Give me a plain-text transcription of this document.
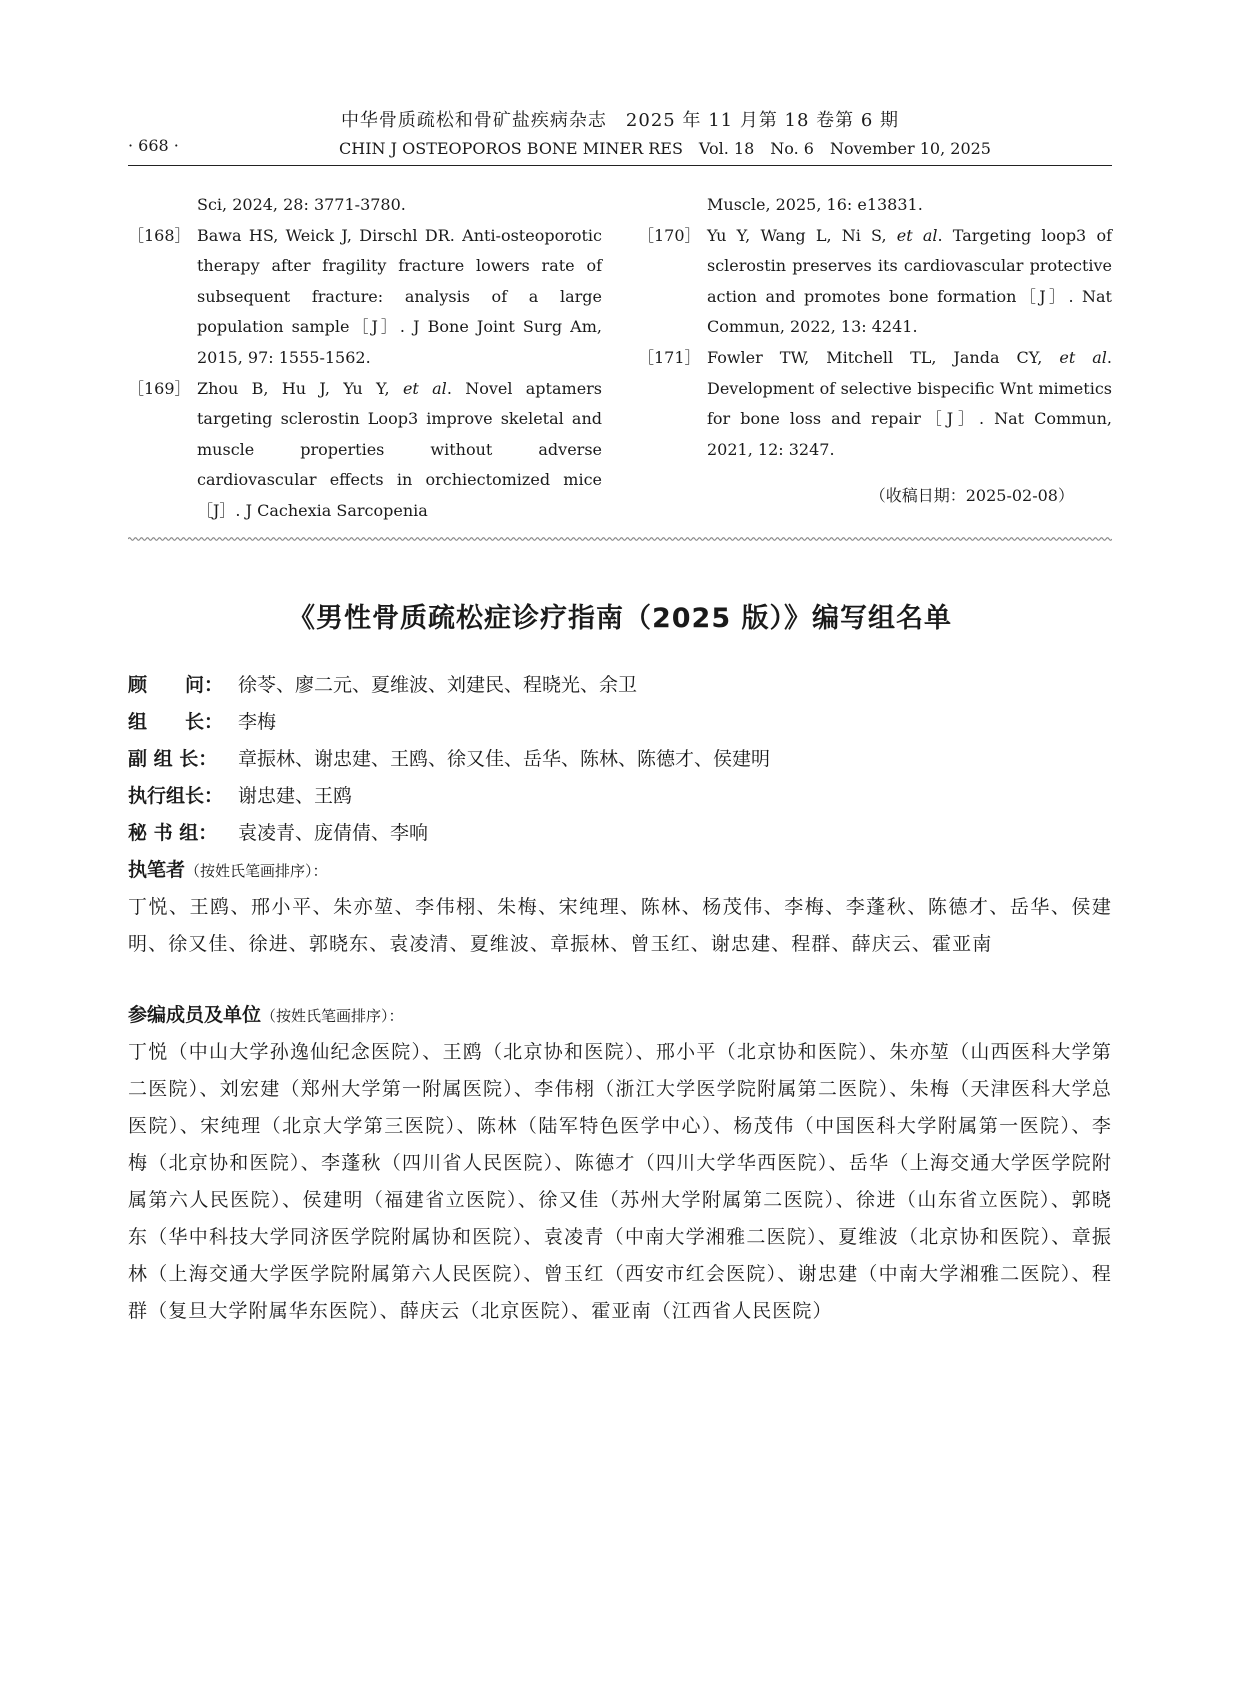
中华骨质疏松和骨矿盐疾病杂志　2025 年 11 月第 18 卷第 6 期
· 668 ·	CHIN J OSTEOPOROS BONE MINER RES　Vol. 18　No. 6　November 10, 2025
Sci, 2024, 28: 3771-3780.
［168］ Bawa HS, Weick J, Dirschl DR. Anti-osteoporotic therapy after fragility fracture lowers rate of subsequent fracture: analysis of a large population sample［J］. J Bone Joint Surg Am, 2015, 97: 1555-1562.
［169］ Zhou B, Hu J, Yu Y, et al. Novel aptamers targeting sclerostin Loop3 improve skeletal and muscle properties without adverse cardiovascular effects in orchiectomized mice［J］. J Cachexia Sarcopenia
Muscle, 2025, 16: e13831.
［170］ Yu Y, Wang L, Ni S, et al. Targeting loop3 of sclerostin preserves its cardiovascular protective action and promotes bone formation［J］. Nat Commun, 2022, 13: 4241.
［171］ Fowler TW, Mitchell TL, Janda CY, et al. Development of selective bispecific Wnt mimetics for bone loss and repair［J］. Nat Commun, 2021, 12: 3247.
（收稿日期：2025-02-08）
《男性骨质疏松症诊疗指南（2025 版）》编写组名单
顾　　问： 徐苓、廖二元、夏维波、刘建民、程晓光、余卫
组　　长： 李梅
副 组 长： 章振林、谢忠建、王鸥、徐又佳、岳华、陈林、陈德才、侯建明
执行组长： 谢忠建、王鸥
秘 书 组： 袁凌青、庞倩倩、李响
执笔者（按姓氏笔画排序）：
丁悦、王鸥、邢小平、朱亦堃、李伟栩、朱梅、宋纯理、陈林、杨茂伟、李梅、李蓬秋、陈德才、岳华、侯建明、徐又佳、徐进、郭晓东、袁凌清、夏维波、章振林、曾玉红、谢忠建、程群、薛庆云、霍亚南
参编成员及单位（按姓氏笔画排序）：
丁悦（中山大学孙逸仙纪念医院）、王鸥（北京协和医院）、邢小平（北京协和医院）、朱亦堃（山西医科大学第二医院）、刘宏建（郑州大学第一附属医院）、李伟栩（浙江大学医学院附属第二医院）、朱梅（天津医科大学总医院）、宋纯理（北京大学第三医院）、陈林（陆军特色医学中心）、杨茂伟（中国医科大学附属第一医院）、李梅（北京协和医院）、李蓬秋（四川省人民医院）、陈德才（四川大学华西医院）、岳华（上海交通大学医学院附属第六人民医院）、侯建明（福建省立医院）、徐又佳（苏州大学附属第二医院）、徐进（山东省立医院）、郭晓东（华中科技大学同济医学院附属协和医院）、袁凌青（中南大学湘雅二医院）、夏维波（北京协和医院）、章振林（上海交通大学医学院附属第六人民医院）、曾玉红（西安市红会医院）、谢忠建（中南大学湘雅二医院）、程群（复旦大学附属华东医院）、薛庆云（北京医院）、霍亚南（江西省人民医院）
